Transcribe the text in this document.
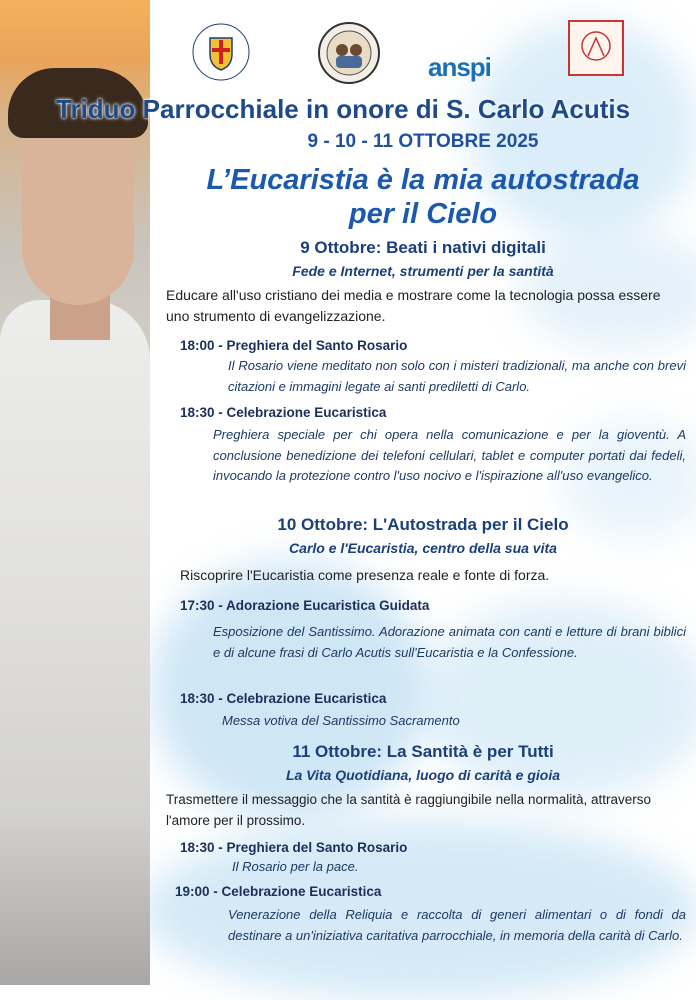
anspi
Triduo Parrocchiale in onore di S. Carlo Acutis
9 - 10 - 11 OTTOBRE 2025
L’Eucaristia è la mia autostrada
per il Cielo
9 Ottobre: Beati i nativi digitali
Fede e Internet, strumenti per la santità
Educare all'uso cristiano dei media e mostrare come la tecnologia possa essere uno strumento di evangelizzazione.
18:00 - Preghiera del Santo Rosario
Il Rosario viene meditato non solo con i misteri tradizionali, ma anche con brevi citazioni e immagini legate ai santi prediletti di Carlo.
18:30 - Celebrazione Eucaristica
Preghiera speciale per chi opera nella comunicazione e per la gioventù. A conclusione benedizione dei telefoni cellulari, tablet e computer portati dai fedeli, invocando la protezione contro l'uso nocivo e l'ispirazione all'uso evangelico.
10 Ottobre: L'Autostrada per il Cielo
Carlo e l'Eucaristia, centro della sua vita
Riscoprire l'Eucaristia come presenza reale e fonte di forza.
17:30 - Adorazione Eucaristica Guidata
Esposizione del Santissimo. Adorazione animata con canti e letture di brani biblici e di alcune frasi di Carlo Acutis sull'Eucaristia e la Confessione.
18:30 - Celebrazione Eucaristica
Messa votiva del Santissimo Sacramento
11 Ottobre: La Santità è per Tutti
La Vita Quotidiana, luogo di carità e gioia
Trasmettere il messaggio che la santità è raggiungibile nella normalità, attraverso l'amore per il prossimo.
18:30 - Preghiera del Santo Rosario
Il Rosario per la pace.
19:00 - Celebrazione Eucaristica
Venerazione della Reliquia e raccolta di generi alimentari o di fondi da destinare a un'iniziativa caritativa parrocchiale, in memoria della carità di Carlo.
